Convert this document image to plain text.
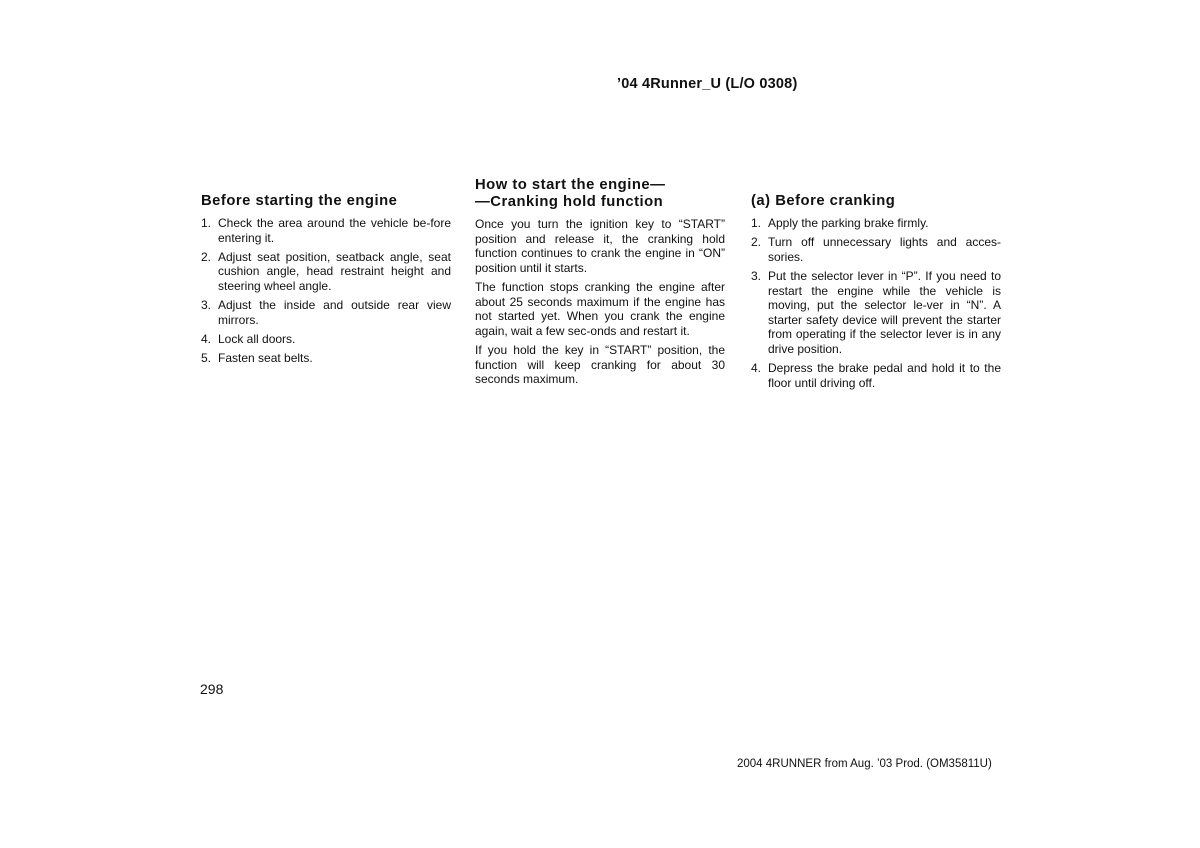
’04 4Runner_U (L/O 0308)
Before starting the engine
1. Check the area around the vehicle be-fore entering it.
2. Adjust seat position, seatback angle, seat cushion angle, head restraint height and steering wheel angle.
3. Adjust the inside and outside rear view mirrors.
4. Lock all doors.
5. Fasten seat belts.
How to start the engine—
—Cranking hold function

Once you turn the ignition key to “START” position and release it, the cranking hold function continues to crank the engine in “ON” position until it starts.

The function stops cranking the engine after about 25 seconds maximum if the engine has not started yet. When you crank the engine again, wait a few sec-onds and restart it.

If you hold the key in “START” position, the function will keep cranking for about 30 seconds maximum.

(a) Before cranking
1. Apply the parking brake firmly.
2. Turn off unnecessary lights and acces-sories.
3. Put the selector lever in “P”. If you need to restart the engine while the vehicle is moving, put the selector le-ver in “N”. A starter safety device will prevent the starter from operating if the selector lever is in any drive position.
4. Depress the brake pedal and hold it to the floor until driving off.
298
2004 4RUNNER from Aug. ’03 Prod. (OM35811U)
